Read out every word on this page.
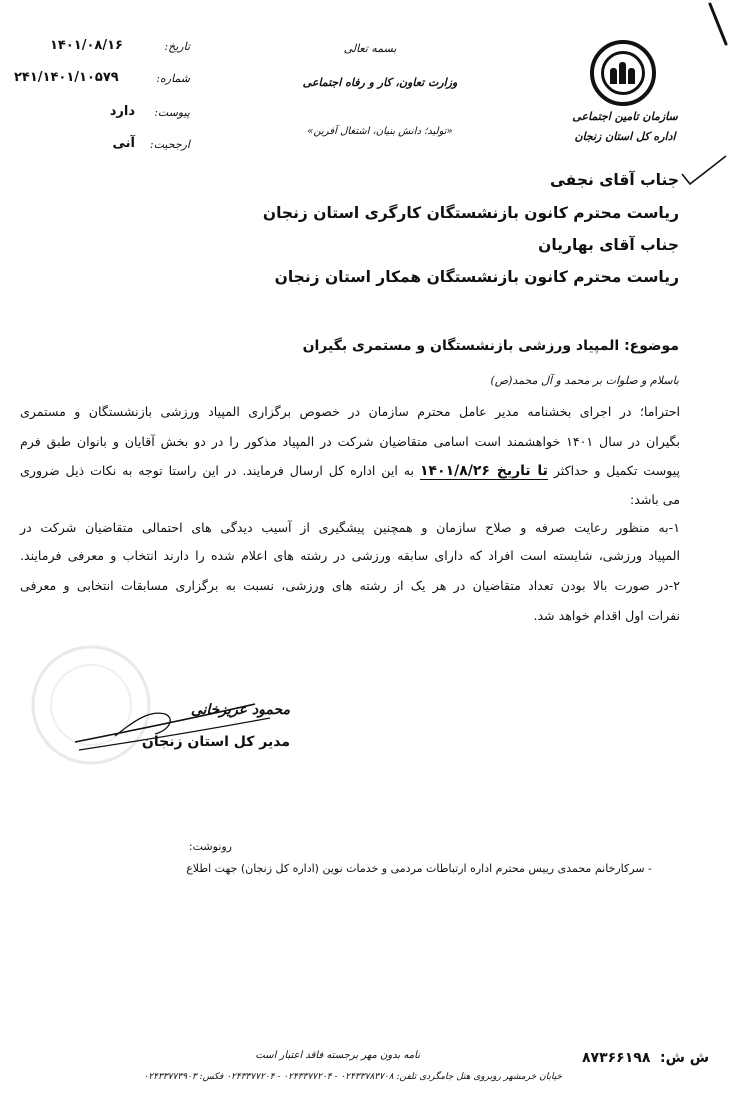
تاریخ:
۱۴۰۱/۰۸/۱۶
شماره:
۲۴۱/۱۴۰۱/۱۰۵۷۹
پیوست:
دارد
ارجحیت:
آنی
بسمه تعالی
وزارت تعاون، کار و رفاه اجتماعی
«تولید؛ دانش بنیان، اشتغال آفرین»
سازمان تامین اجتماعی
اداره کل استان زنجان
جناب آقای نجفی
ریاست محترم کانون بازنشستگان کارگری استان زنجان
جناب آقای بهاریان
ریاست محترم کانون بازنشستگان همکار استان زنجان
موضوع: المپیاد ورزشی بازنشستگان و مستمری بگیران
باسلام و صلوات بر محمد و آل محمد(ص)
احتراما؛ در اجرای بخشنامه مدیر عامل محترم سازمان در خصوص برگزاری المپیاد ورزشی بازنشستگان و مستمری
بگیران در سال ۱۴۰۱ خواهشمند است اسامی متقاضیان شرکت در المپیاد مذکور را در دو بخش آقایان و بانوان طبق فرم
پیوست تکمیل و حداکثر تا تاریخ ۱۴۰۱/۸/۲۶ به این اداره کل ارسال فرمایند. در این راستا توجه به نکات ذیل ضروری
می باشد:
۱-به منظور رعایت صرفه و صلاح سازمان و همچنین پیشگیری از آسیب دیدگی های احتمالی متقاضیان شرکت در
المپیاد ورزشی، شایسته است افراد که دارای سابقه ورزشی در رشته های اعلام شده را دارند انتخاب و معرفی فرمایند.
۲-در صورت بالا بودن تعداد متقاضیان در هر یک از رشته های ورزشی، نسبت به برگزاری مسابقات انتخابی و معرفی
نفرات اول اقدام خواهد شد.
محمود عزیزخانی
مدیر کل استان زنجان
رونوشت:
- سرکارخانم محمدی رییس محترم اداره ارتباطات مردمی و خدمات نوین (اداره کل زنجان) جهت اطلاع
ش ش:
۸۷۳۶۶۱۹۸
نامه بدون مهر برجسته فاقد اعتبار است
خیابان خرمشهر روبروی هتل جامگردی تلفن: ۰۲۴۳۳۷۸۳۷۰۸ - ۰۲۴۳۳۷۷۲۰۴ - ۰۲۴۳۳۷۷۲۰۴ فکس: ۰۲۴۳۳۷۷۳۹۰۳
